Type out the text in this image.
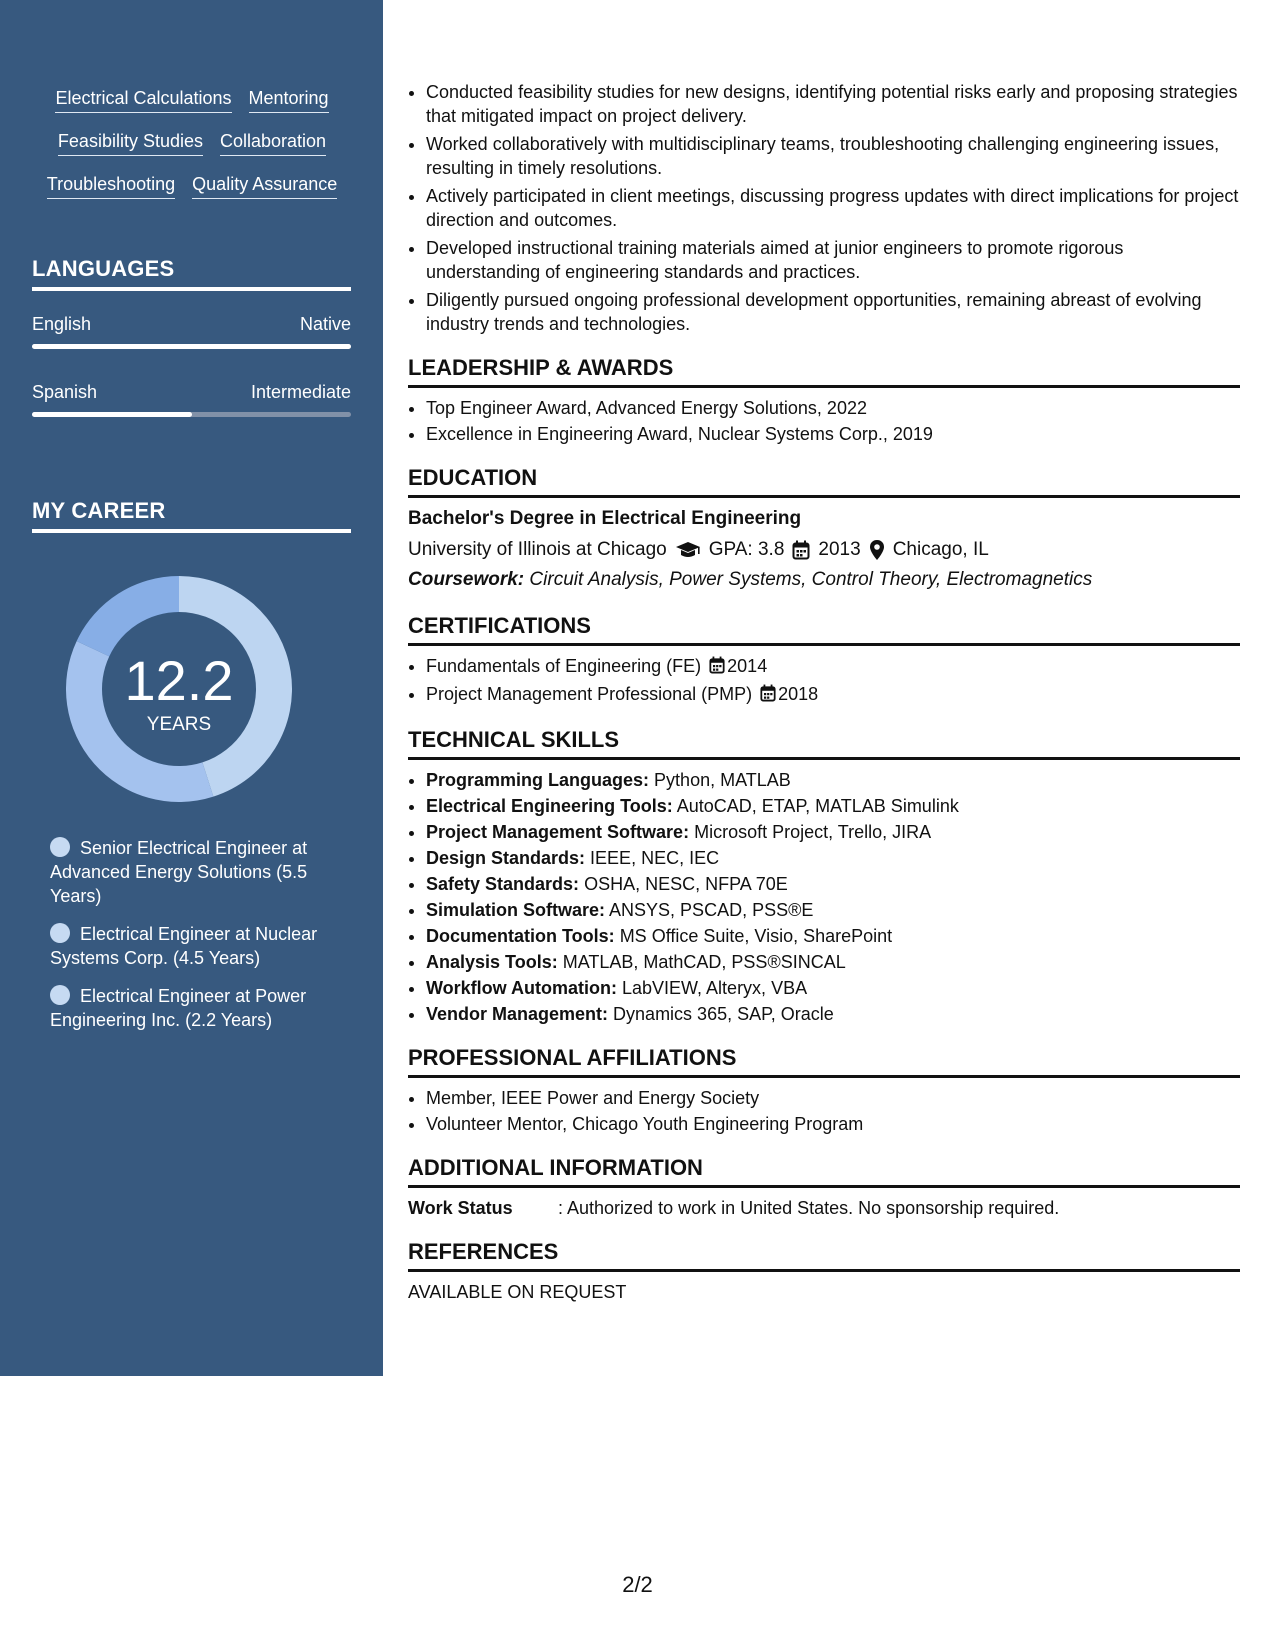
Electrical Calculations Mentoring
Feasibility Studies Collaboration
Troubleshooting Quality Assurance
LANGUAGES
English	Native
Spanish	Intermediate
MY CAREER
12.2
YEARS
Senior Electrical Engineer at Advanced Energy Solutions (5.5 Years)
Electrical Engineer at Nuclear Systems Corp. (4.5 Years)
Electrical Engineer at Power Engineering Inc. (2.2 Years)
• Conducted feasibility studies for new designs, identifying potential risks early and proposing strategies that mitigated impact on project delivery.
• Worked collaboratively with multidisciplinary teams, troubleshooting challenging engineering issues, resulting in timely resolutions.
• Actively participated in client meetings, discussing progress updates with direct implications for project direction and outcomes.
• Developed instructional training materials aimed at junior engineers to promote rigorous understanding of engineering standards and practices.
• Diligently pursued ongoing professional development opportunities, remaining abreast of evolving industry trends and technologies.
LEADERSHIP & AWARDS
• Top Engineer Award, Advanced Energy Solutions, 2022
• Excellence in Engineering Award, Nuclear Systems Corp., 2019
EDUCATION
Bachelor's Degree in Electrical Engineering
University of Illinois at Chicago GPA: 3.8 2013 Chicago, IL
Coursework: Circuit Analysis, Power Systems, Control Theory, Electromagnetics
CERTIFICATIONS
• Fundamentals of Engineering (FE) 2014
• Project Management Professional (PMP) 2018
TECHNICAL SKILLS
• Programming Languages: Python, MATLAB
• Electrical Engineering Tools: AutoCAD, ETAP, MATLAB Simulink
• Project Management Software: Microsoft Project, Trello, JIRA
• Design Standards: IEEE, NEC, IEC
• Safety Standards: OSHA, NESC, NFPA 70E
• Simulation Software: ANSYS, PSCAD, PSS®E
• Documentation Tools: MS Office Suite, Visio, SharePoint
• Analysis Tools: MATLAB, MathCAD, PSS®SINCAL
• Workflow Automation: LabVIEW, Alteryx, VBA
• Vendor Management: Dynamics 365, SAP, Oracle
PROFESSIONAL AFFILIATIONS
• Member, IEEE Power and Energy Society
• Volunteer Mentor, Chicago Youth Engineering Program
ADDITIONAL INFORMATION
Work Status	: Authorized to work in United States. No sponsorship required.
REFERENCES
AVAILABLE ON REQUEST
2/2
